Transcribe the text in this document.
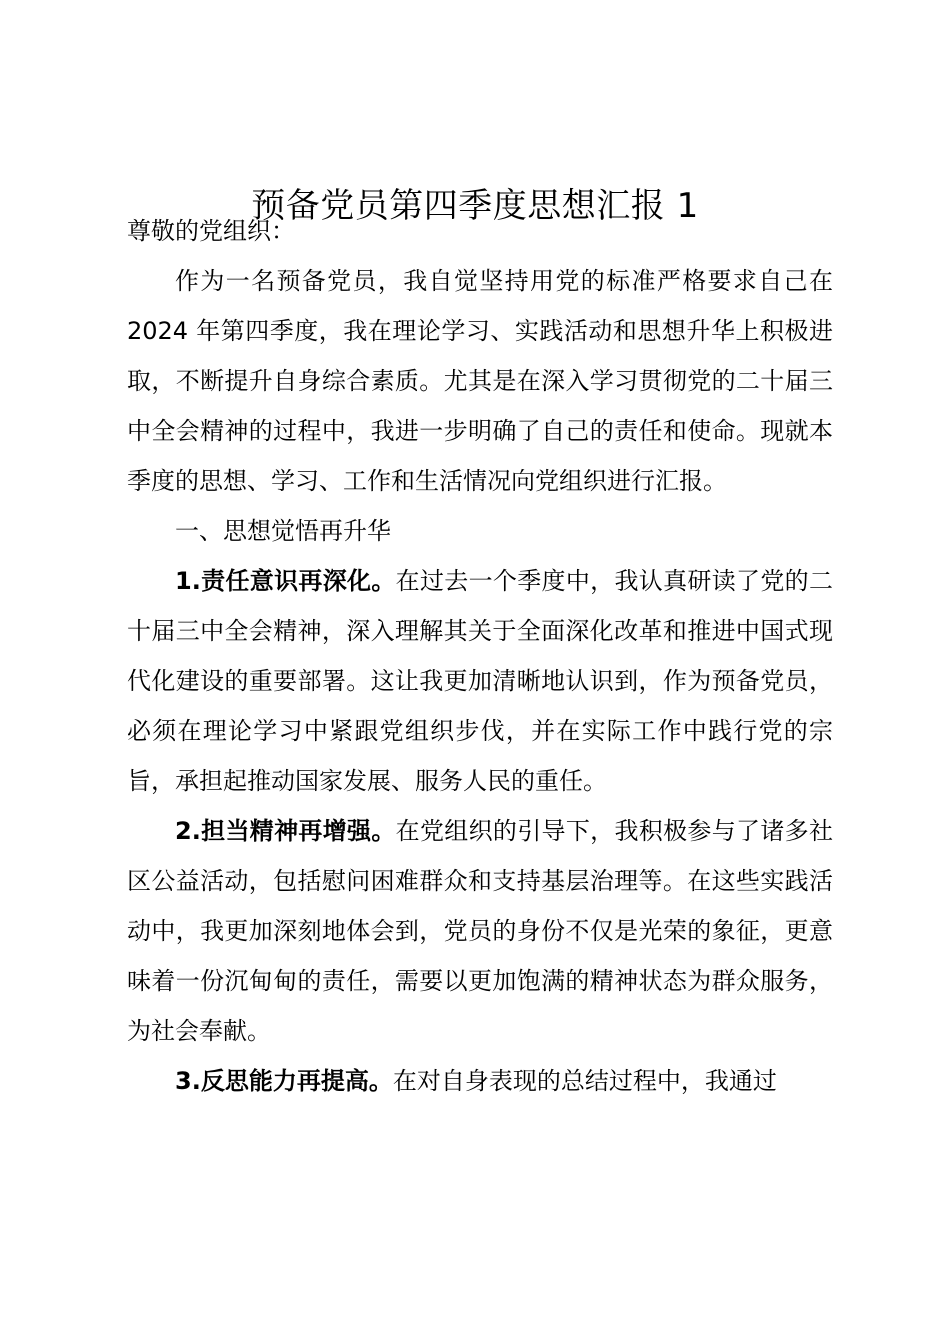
预备党员第四季度思想汇报 1

尊敬的党组织：

作为一名预备党员，我自觉坚持用党的标准严格要求自己在 2024 年第四季度，我在理论学习、实践活动和思想升华上积极进取，不断提升自身综合素质。尤其是在深入学习贯彻党的二十届三中全会精神的过程中，我进一步明确了自己的责任和使命。现就本季度的思想、学习、工作和生活情况向党组织进行汇报。

一、思想觉悟再升华

1.责任意识再深化。在过去一个季度中，我认真研读了党的二十届三中全会精神，深入理解其关于全面深化改革和推进中国式现代化建设的重要部署。这让我更加清晰地认识到，作为预备党员，必须在理论学习中紧跟党组织步伐，并在实际工作中践行党的宗旨，承担起推动国家发展、服务人民的重任。

2.担当精神再增强。在党组织的引导下，我积极参与了诸多社区公益活动，包括慰问困难群众和支持基层治理等。在这些实践活动中，我更加深刻地体会到，党员的身份不仅是光荣的象征，更意味着一份沉甸甸的责任，需要以更加饱满的精神状态为群众服务，为社会奉献。

3.反思能力再提高。在对自身表现的总结过程中，我通过
